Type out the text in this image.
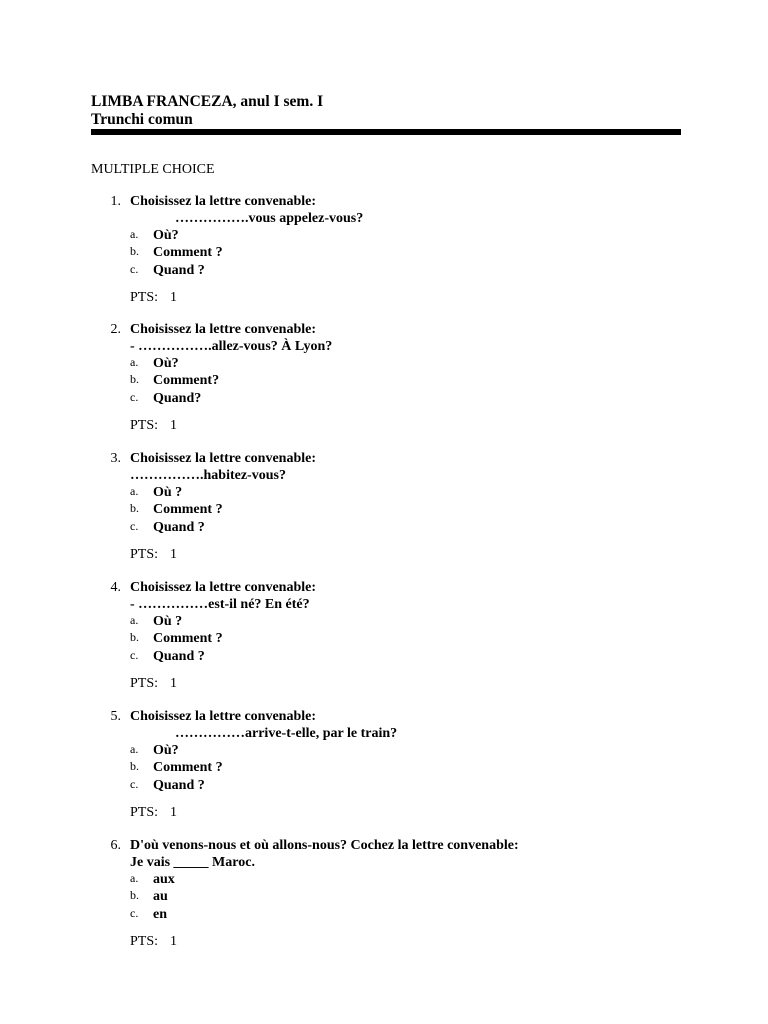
LIMBA FRANCEZA, anul I sem. I
Trunchi comun
MULTIPLE CHOICE
1. Choisissez la lettre convenable:
…………….vous appelez-vous?
a. Où?
b. Comment ?
c. Quand ?
PTS: 1
2. Choisissez la lettre convenable:
- …………….allez-vous? À Lyon?
a. Où?
b. Comment?
c. Quand?
PTS: 1
3. Choisissez la lettre convenable:
…………….habitez-vous?
a. Où ?
b. Comment ?
c. Quand ?
PTS: 1
4. Choisissez la lettre convenable:
- ……………est-il né? En été?
a. Où ?
b. Comment ?
c. Quand ?
PTS: 1
5. Choisissez la lettre convenable:
……………arrive-t-elle, par le train?
a. Où?
b. Comment ?
c. Quand ?
PTS: 1
6. D'où venons-nous et où allons-nous? Cochez la lettre convenable:
Je vais _____ Maroc.
a. aux
b. au
c. en
PTS: 1
